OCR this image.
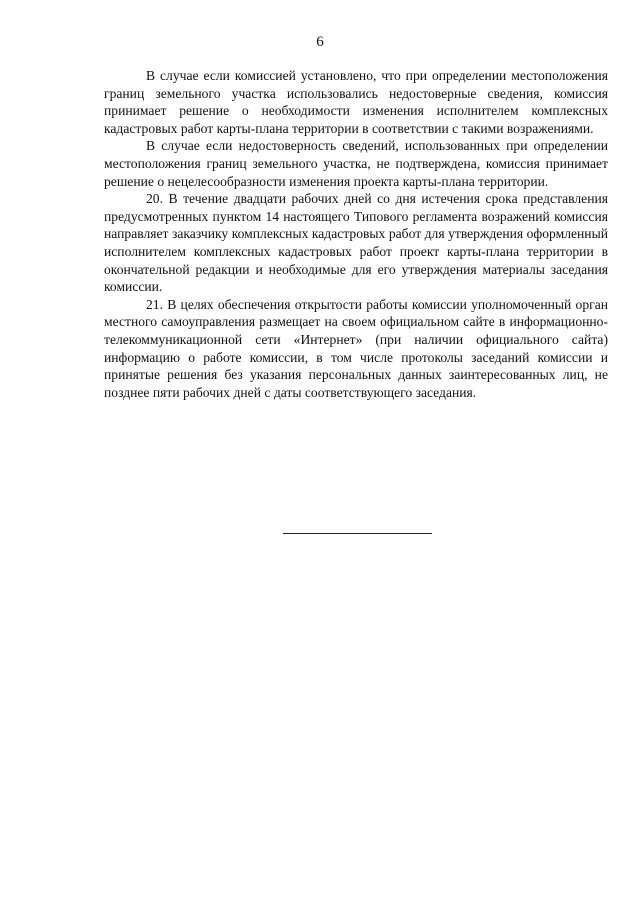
6

В случае если комиссией установлено, что при определении местоположения границ земельного участка использовались недостоверные сведения, комиссия принимает решение о необходимости изменения исполнителем комплексных кадастровых работ карты-плана территории в соответствии с такими возражениями.

В случае если недостоверность сведений, использованных при определении местоположения границ земельного участка, не подтверждена, комиссия принимает решение о нецелесообразности изменения проекта карты-плана территории.

20. В течение двадцати рабочих дней со дня истечения срока представления предусмотренных пунктом 14 настоящего Типового регламента возражений комиссия направляет заказчику комплексных кадастровых работ для утверждения оформленный исполнителем комплексных кадастровых работ проект карты-плана территории в окончательной редакции и необходимые для его утверждения материалы заседания комиссии.

21. В целях обеспечения открытости работы комиссии уполномоченный орган местного самоуправления размещает на своем официальном сайте в информационно-телекоммуникационной сети «Интернет» (при наличии официального сайта) информацию о работе комиссии, в том числе протоколы заседаний комиссии и принятые решения без указания персональных данных заинтересованных лиц, не позднее пяти рабочих дней с даты соответствующего заседания.
